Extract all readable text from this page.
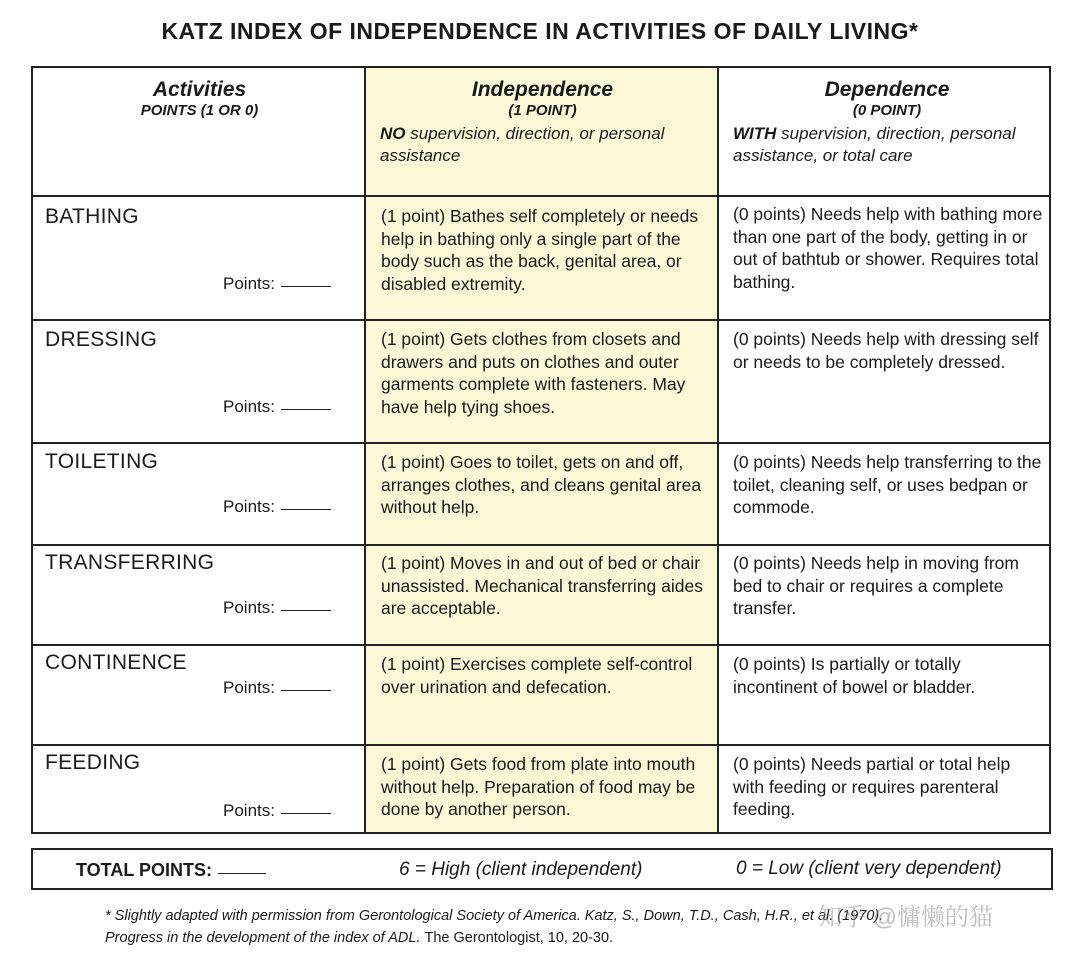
KATZ INDEX OF INDEPENDENCE IN ACTIVITIES OF DAILY LIVING*
Activities
POINTS (1 OR 0)
Independence
(1 POINT)
NO supervision, direction, or personal assistance
Dependence
(0 POINT)
WITH supervision, direction, personal assistance, or total care
BATHING
Points:
(1 point) Bathes self completely or needs help in bathing only a single part of the body such as the back, genital area, or disabled extremity.
(0 points) Needs help with bathing more than one part of the body, getting in or out of bathtub or shower. Requires total bathing.
DRESSING
Points:
(1 point) Gets clothes from closets and drawers and puts on clothes and outer garments complete with fasteners. May have help tying shoes.
(0 points) Needs help with dressing self or needs to be completely dressed.
TOILETING
Points:
(1 point) Goes to toilet, gets on and off, arranges clothes, and cleans genital area without help.
(0 points) Needs help transferring to the toilet, cleaning self, or uses bedpan or commode.
TRANSFERRING
Points:
(1 point) Moves in and out of bed or chair unassisted. Mechanical transferring aides are acceptable.
(0 points) Needs help in moving from bed to chair or requires a complete transfer.
CONTINENCE
Points:
(1 point) Exercises complete self-control over urination and defecation.
(0 points) Is partially or totally incontinent of bowel or bladder.
FEEDING
Points:
(1 point) Gets food from plate into mouth without help. Preparation of food may be done by another person.
(0 points) Needs partial or total help with feeding or requires parenteral feeding.
TOTAL POINTS:	6 = High (client independent)	0 = Low (client very dependent)
* Slightly adapted with permission from Gerontological Society of America. Katz, S., Down, T.D., Cash, H.R., et al. (1970).
Progress in the development of the index of ADL. The Gerontologist, 10, 20-30.
知乎 @慵懒的猫
